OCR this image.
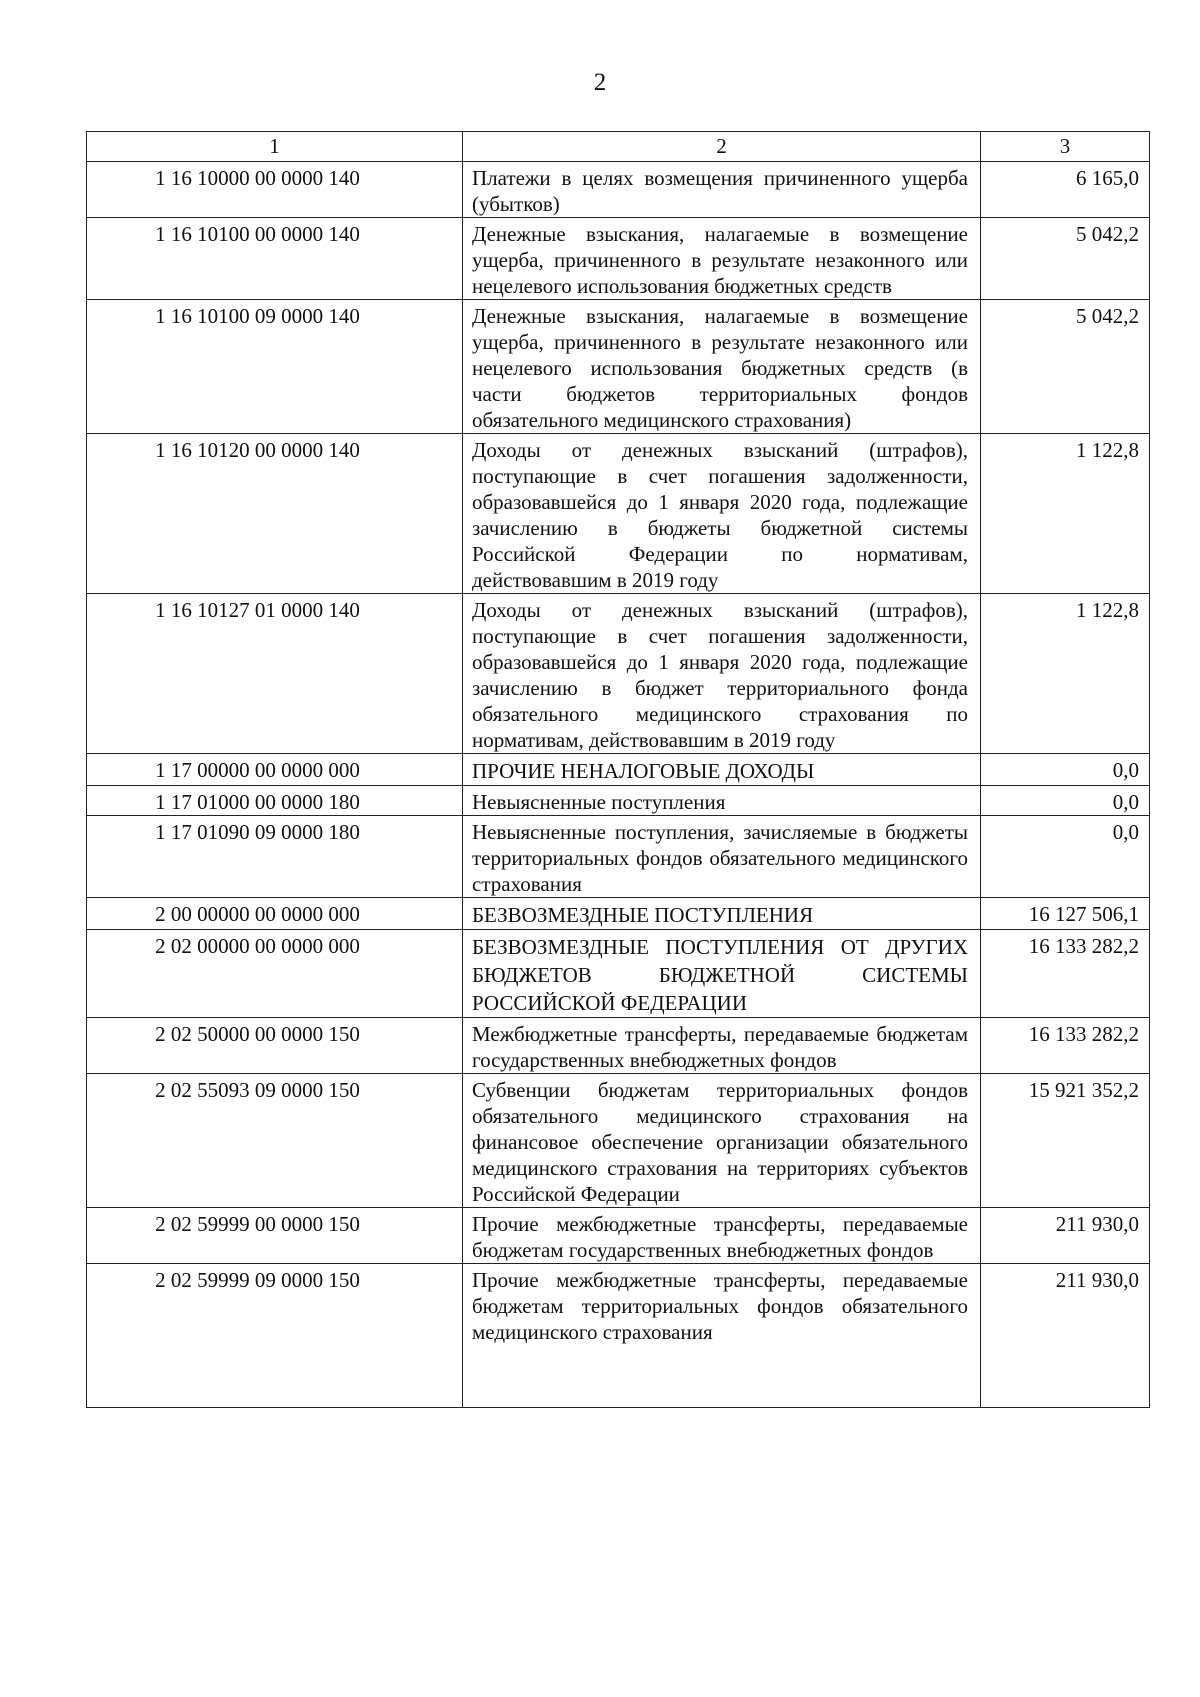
2
1	2	3
1 16 10000 00 0000 140	Платежи в целях возмещения причиненного ущерба (убытков)	6 165,0
1 16 10100 00 0000 140	Денежные взыскания, налагаемые в возмещение ущерба, причиненного в результате незаконного или нецелевого использования бюджетных средств	5 042,2
1 16 10100 09 0000 140	Денежные взыскания, налагаемые в возмещение ущерба, причиненного в результате незаконного или нецелевого использования бюджетных средств (в части бюджетов территориальных фондов обязательного медицинского страхования)	5 042,2
1 16 10120 00 0000 140	Доходы от денежных взысканий (штрафов), поступающие в счет погашения задолженности, образовавшейся до 1 января 2020 года, подлежащие зачислению в бюджеты бюджетной системы Российской Федерации по нормативам, действовавшим в 2019 году	1 122,8
1 16 10127 01 0000 140	Доходы от денежных взысканий (штрафов), поступающие в счет погашения задолженности, образовавшейся до 1 января 2020 года, подлежащие зачислению в бюджет территориального фонда обязательного медицинского страхования по нормативам, действовавшим в 2019 году	1 122,8
1 17 00000 00 0000 000	ПРОЧИЕ НЕНАЛОГОВЫЕ ДОХОДЫ	0,0
1 17 01000 00 0000 180	Невыясненные поступления	0,0
1 17 01090 09 0000 180	Невыясненные поступления, зачисляемые в бюджеты территориальных фондов обязательного медицинского страхования	0,0
2 00 00000 00 0000 000	БЕЗВОЗМЕЗДНЫЕ ПОСТУПЛЕНИЯ	16 127 506,1
2 02 00000 00 0000 000	БЕЗВОЗМЕЗДНЫЕ ПОСТУПЛЕНИЯ ОТ ДРУГИХ БЮДЖЕТОВ БЮДЖЕТНОЙ СИСТЕМЫ РОССИЙСКОЙ ФЕДЕРАЦИИ	16 133 282,2
2 02 50000 00 0000 150	Межбюджетные трансферты, передаваемые бюджетам государственных внебюджетных фондов	16 133 282,2
2 02 55093 09 0000 150	Субвенции бюджетам территориальных фондов обязательного медицинского страхования на финансовое обеспечение организации обязательного медицинского страхования на территориях субъектов Российской Федерации	15 921 352,2
2 02 59999 00 0000 150	Прочие межбюджетные трансферты, передаваемые бюджетам государственных внебюджетных фондов	211 930,0
2 02 59999 09 0000 150	Прочие межбюджетные трансферты, передаваемые бюджетам территориальных фондов обязательного медицинского страхования	211 930,0
